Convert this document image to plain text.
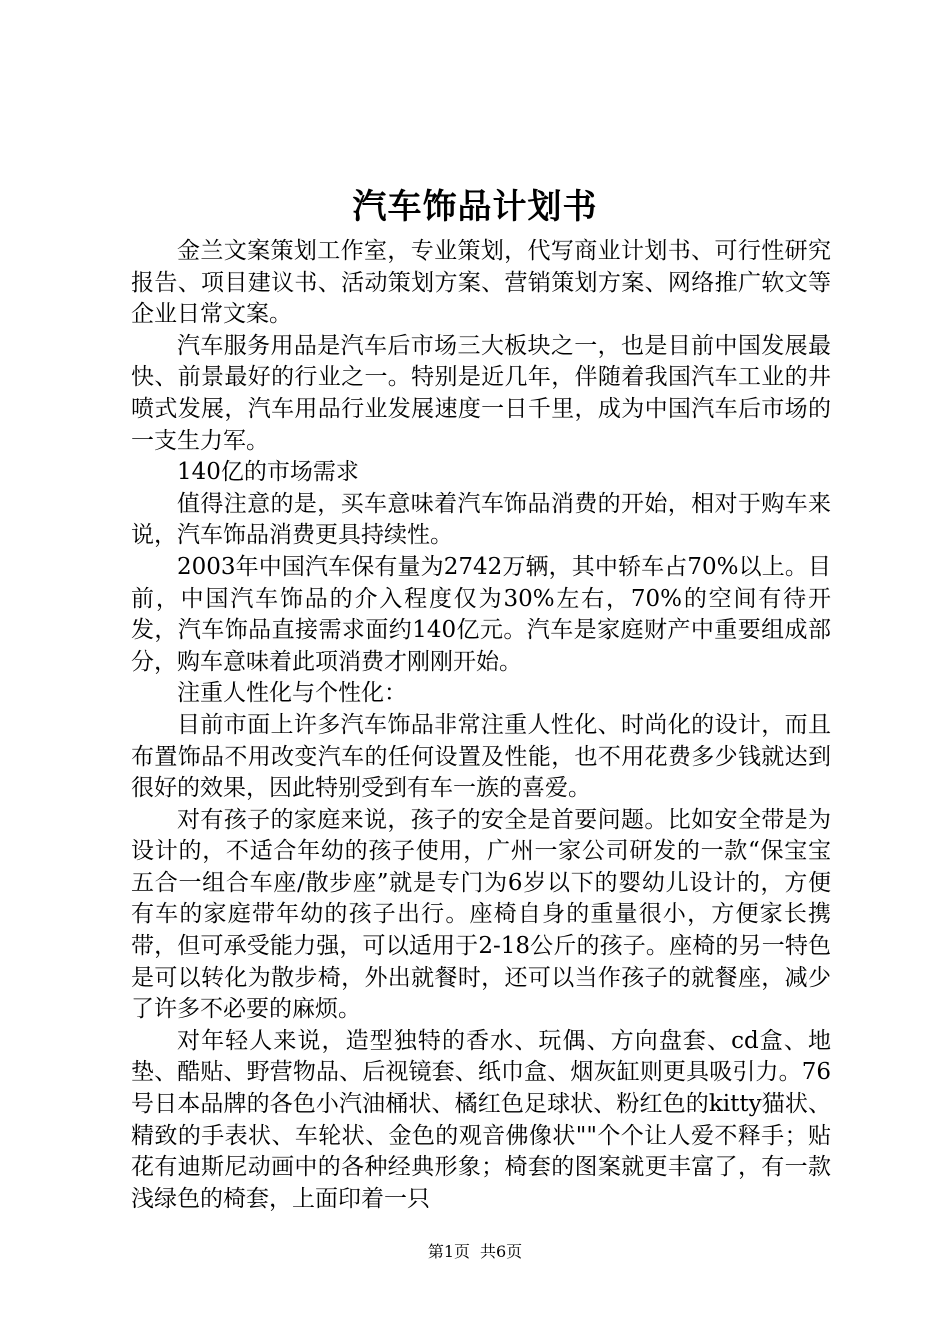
汽车饰品计划书

金兰文案策划工作室，专业策划，代写商业计划书、可行性研究报告、项目建议书、活动策划方案、营销策划方案、网络推广软文等企业日常文案。

汽车服务用品是汽车后市场三大板块之一，也是目前中国发展最快、前景最好的行业之一。特别是近几年，伴随着我国汽车工业的井喷式发展，汽车用品行业发展速度一日千里，成为中国汽车后市场的一支生力军。

140亿的市场需求

值得注意的是，买车意味着汽车饰品消费的开始，相对于购车来说，汽车饰品消费更具持续性。

2003年中国汽车保有量为2742万辆，其中轿车占70%以上。目前，中国汽车饰品的介入程度仅为30%左右，70%的空间有待开发，汽车饰品直接需求面约140亿元。汽车是家庭财产中重要组成部分，购车意味着此项消费才刚刚开始。

注重人性化与个性化：

目前市面上许多汽车饰品非常注重人性化、时尚化的设计，而且布置饰品不用改变汽车的任何设置及性能，也不用花费多少钱就达到很好的效果，因此特别受到有车一族的喜爱。

对有孩子的家庭来说，孩子的安全是首要问题。比如安全带是为设计的，不适合年幼的孩子使用，广州一家公司研发的一款“保宝宝五合一组合车座/散步座”就是专门为6岁以下的婴幼儿设计的，方便有车的家庭带年幼的孩子出行。座椅自身的重量很小，方便家长携带，但可承受能力强，可以适用于2-18公斤的孩子。座椅的另一特色是可以转化为散步椅，外出就餐时，还可以当作孩子的就餐座，减少了许多不必要的麻烦。

对年轻人来说，造型独特的香水、玩偶、方向盘套、cd盒、地垫、酷贴、野营物品、后视镜套、纸巾盒、烟灰缸则更具吸引力。76号日本品牌的各色小汽油桶状、橘红色足球状、粉红色的kitty猫状、精致的手表状、车轮状、金色的观音佛像状""个个让人爱不释手；贴花有迪斯尼动画中的各种经典形象；椅套的图案就更丰富了，有一款浅绿色的椅套，上面印着一只

第1页 共6页
